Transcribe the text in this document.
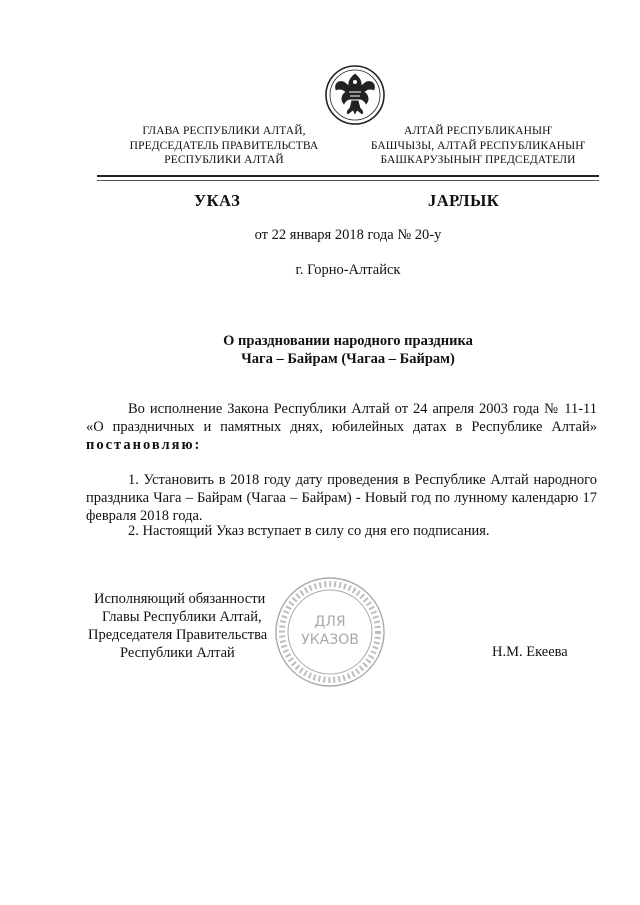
ГЛАВА РЕСПУБЛИКИ АЛТАЙ,
ПРЕДСЕДАТЕЛЬ ПРАВИТЕЛЬСТВА
РЕСПУБЛИКИ АЛТАЙ
АЛТАЙ РЕСПУБЛИКАНЫҤ
БАШЧЫЗЫ, АЛТАЙ РЕСПУБЛИКАНЫҤ
БАШКАРУЗЫНЫҤ ПРЕДСЕДАТЕЛИ
УКАЗ	JАРЛЫК
от 22 января 2018 года № 20-у
г. Горно-Алтайск
О праздновании народного праздника
Чага – Байрам (Чагаа – Байрам)
Во исполнение Закона Республики Алтай от 24 апреля 2003 года № 11-11 «О праздничных и памятных днях, юбилейных датах в Республике Алтай» постановляю:
1. Установить в 2018 году дату проведения в Республике Алтай народного праздника Чага – Байрам (Чагаа – Байрам) - Новый год по лунному календарю 17 февраля 2018 года.
2. Настоящий Указ вступает в силу со дня его подписания.
ДЛЯ
УКАЗОВ
Исполняющий обязанности
Главы Республики Алтай,
Председателя Правительства
Республики Алтай	Н.М. Екеева
